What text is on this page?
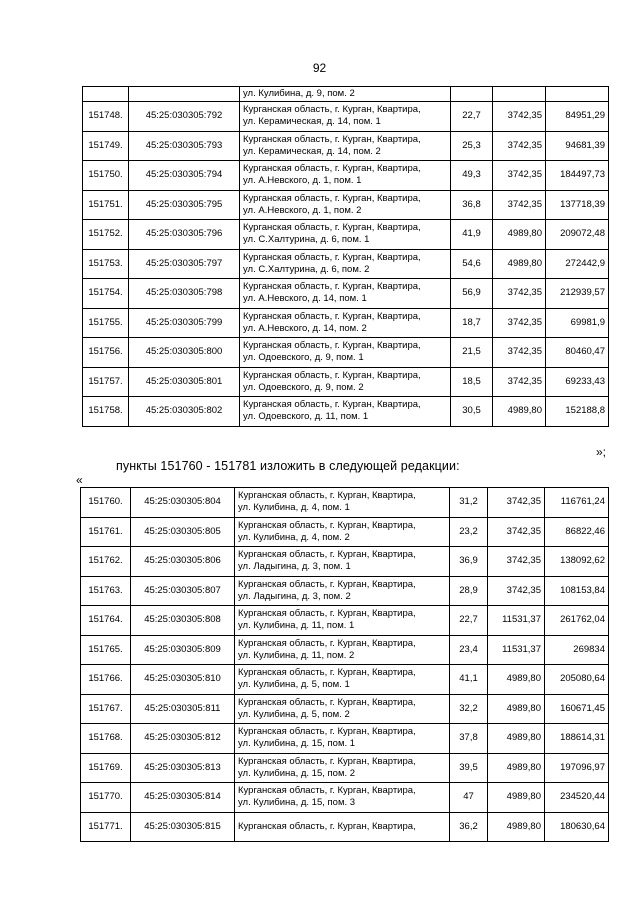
92
		ул. Кулибина, д. 9, пом. 2			
151748.	45:25:030305:792	Курганская область, г. Курган, Квартира,
ул. Керамическая, д. 14, пом. 1	22,7	3742,35	84951,29
151749.	45:25:030305:793	Курганская область, г. Курган, Квартира,
ул. Керамическая, д. 14, пом. 2	25,3	3742,35	94681,39
151750.	45:25:030305:794	Курганская область, г. Курган, Квартира,
ул. А.Невского, д. 1, пом. 1	49,3	3742,35	184497,73
151751.	45:25:030305:795	Курганская область, г. Курган, Квартира,
ул. А.Невского, д. 1, пом. 2	36,8	3742,35	137718,39
151752.	45:25:030305:796	Курганская область, г. Курган, Квартира,
ул. С.Халтурина, д. 6, пом. 1	41,9	4989,80	209072,48
151753.	45:25:030305:797	Курганская область, г. Курган, Квартира,
ул. С.Халтурина, д. 6, пом. 2	54,6	4989,80	272442,9
151754.	45:25:030305:798	Курганская область, г. Курган, Квартира,
ул. А.Невского, д. 14, пом. 1	56,9	3742,35	212939,57
151755.	45:25:030305:799	Курганская область, г. Курган, Квартира,
ул. А.Невского, д. 14, пом. 2	18,7	3742,35	69981,9
151756.	45:25:030305:800	Курганская область, г. Курган, Квартира,
ул. Одоевского, д. 9, пом. 1	21,5	3742,35	80460,47
151757.	45:25:030305:801	Курганская область, г. Курган, Квартира,
ул. Одоевского, д. 9, пом. 2	18,5	3742,35	69233,43
151758.	45:25:030305:802	Курганская область, г. Курган, Квартира,
ул. Одоевского, д. 11, пом. 1	30,5	4989,80	152188,8
»;
пункты 151760 - 151781 изложить в следующей редакции:
«
151760.	45:25:030305:804	Курганская область, г. Курган, Квартира,
ул. Кулибина, д. 4, пом. 1	31,2	3742,35	116761,24
151761.	45:25:030305:805	Курганская область, г. Курган, Квартира,
ул. Кулибина, д. 4, пом. 2	23,2	3742,35	86822,46
151762.	45:25:030305:806	Курганская область, г. Курган, Квартира,
ул. Ладыгина, д. 3, пом. 1	36,9	3742,35	138092,62
151763.	45:25:030305:807	Курганская область, г. Курган, Квартира,
ул. Ладыгина, д. 3, пом. 2	28,9	3742,35	108153,84
151764.	45:25:030305:808	Курганская область, г. Курган, Квартира,
ул. Кулибина, д. 11, пом. 1	22,7	11531,37	261762,04
151765.	45:25:030305:809	Курганская область, г. Курган, Квартира,
ул. Кулибина, д. 11, пом. 2	23,4	11531,37	269834
151766.	45:25:030305:810	Курганская область, г. Курган, Квартира,
ул. Кулибина, д. 5, пом. 1	41,1	4989,80	205080,64
151767.	45:25:030305:811	Курганская область, г. Курган, Квартира,
ул. Кулибина, д. 5, пом. 2	32,2	4989,80	160671,45
151768.	45:25:030305:812	Курганская область, г. Курган, Квартира,
ул. Кулибина, д. 15, пом. 1	37,8	4989,80	188614,31
151769.	45:25:030305:813	Курганская область, г. Курган, Квартира,
ул. Кулибина, д. 15, пом. 2	39,5	4989,80	197096,97
151770.	45:25:030305:814	Курганская область, г. Курган, Квартира,
ул. Кулибина, д. 15, пом. 3	47	4989,80	234520,44
151771.	45:25:030305:815	Курганская область, г. Курган, Квартира,	36,2	4989,80	180630,64
